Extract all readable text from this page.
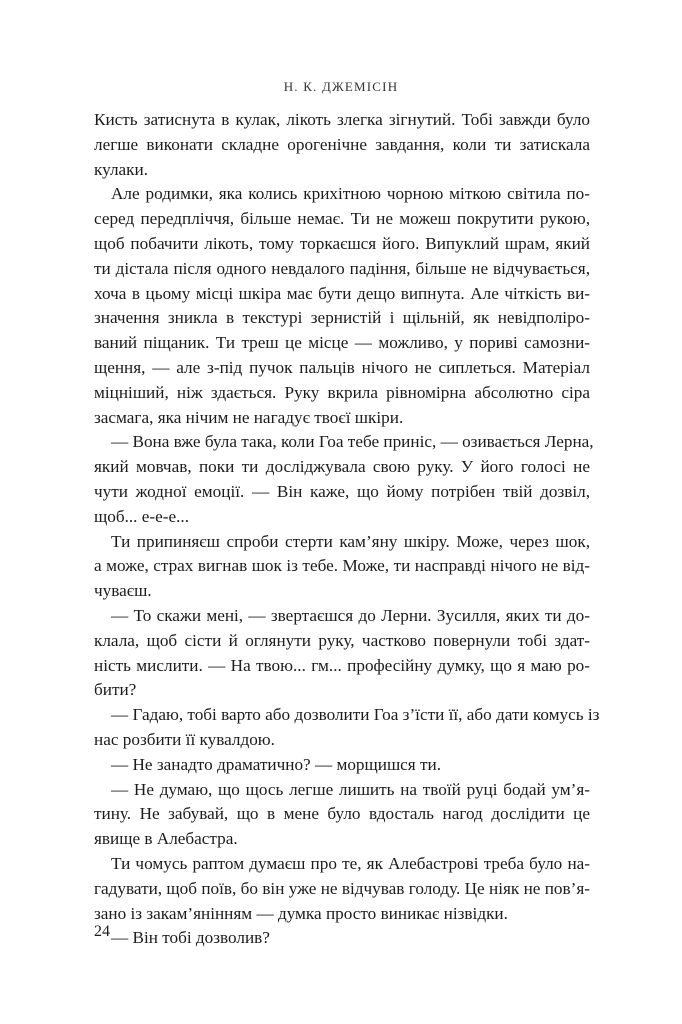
Н. К. ДЖЕМІСІН
Кисть затиснута в кулак, лікоть злегка зігнутий. Тобі завжди було
легше виконати складне орогенічне завдання, коли ти затискала
кулаки.
Але родимки, яка колись крихітною чорною міткою світила по-
серед передпліччя, більше немає. Ти не можеш покрутити рукою,
щоб побачити лікоть, тому торкаєшся його. Випуклий шрам, який
ти дістала після одного невдалого падіння, більше не відчувається,
хоча в цьому місці шкіра має бути дещо випнута. Але чіткість ви-
значення зникла в текстурі зернистій і щільній, як невідполіро-
ваний піщаник. Ти треш це місце — можливо, у пориві самозни-
щення, — але з-під пучок пальців нічого не сиплеться. Матеріал
міцніший, ніж здається. Руку вкрила рівномірна абсолютно сіра
засмага, яка нічим не нагадує твоєї шкіри.
— Вона вже була така, коли Гоа тебе приніс, — озивається Лерна,
який мовчав, поки ти досліджувала свою руку. У його голосі не
чути жодної емоції. — Він каже, що йому потрібен твій дозвіл,
щоб... е-е-е...
Ти припиняєш спроби стерти кам’яну шкіру. Може, через шок,
а може, страх вигнав шок із тебе. Може, ти насправді нічого не від-
чуваєш.
— То скажи мені, — звертаєшся до Лерни. Зусилля, яких ти до-
клала, щоб сісти й оглянути руку, частково повернули тобі здат-
ність мислити. — На твою... гм... професійну думку, що я маю ро-
бити?
— Гадаю, тобі варто або дозволити Гоа з’їсти її, або дати комусь із
нас розбити її кувалдою.
— Не занадто драматично? — морщишся ти.
— Не думаю, що щось легше лишить на твоїй руці бодай ум’я-
тину. Не забувай, що в мене було вдосталь нагод дослідити це
явище в Алебастра.
Ти чомусь раптом думаєш про те, як Алебастрові треба було на-
гадувати, щоб поїв, бо він уже не відчував голоду. Це ніяк не пов’я-
зано із закам’янінням — думка просто виникає нізвідки.
— Він тобі дозволив?
24
